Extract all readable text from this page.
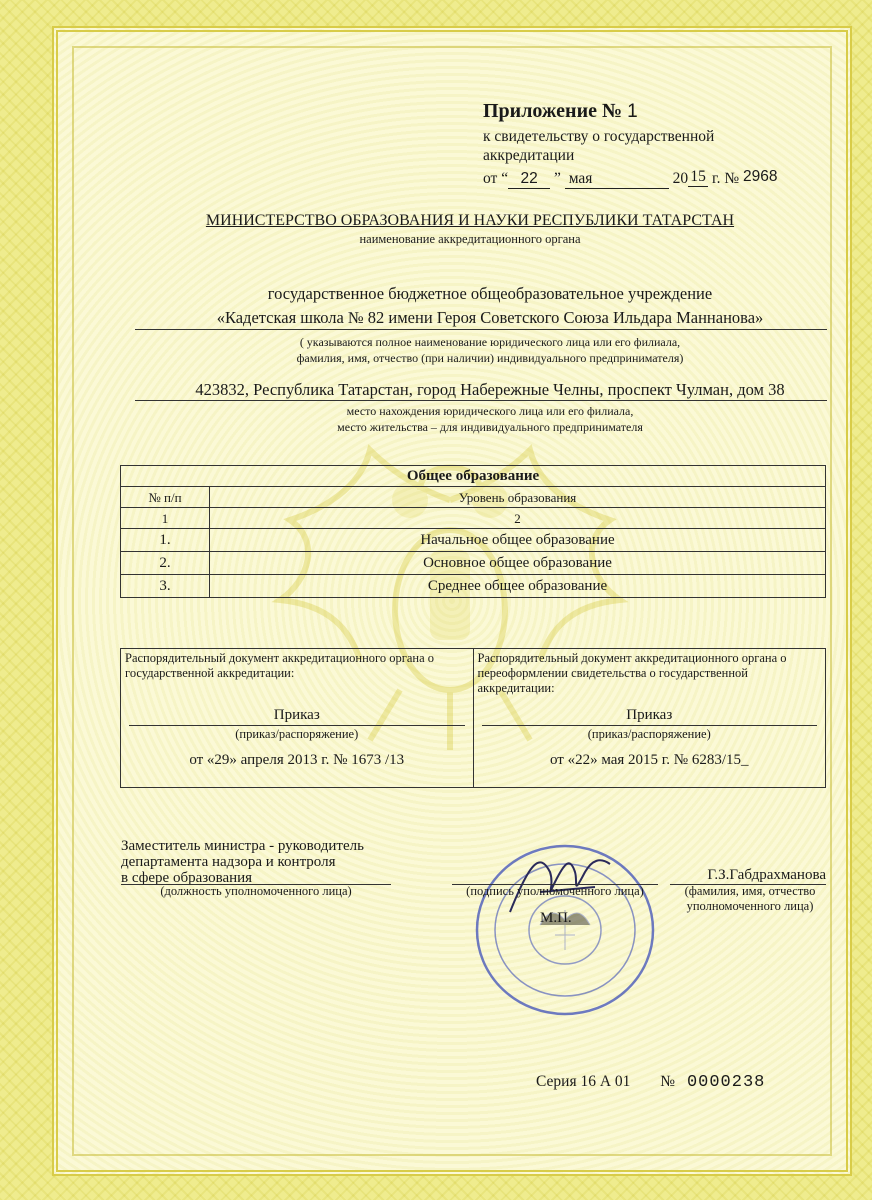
Приложение № 1
к свидетельству о государственной аккредитации
от “ 22 ” мая	20 15 г. № 2968
МИНИСТЕРСТВО ОБРАЗОВАНИЯ И НАУКИ РЕСПУБЛИКИ ТАТАРСТАН
наименование аккредитационного органа
государственное бюджетное общеобразовательное учреждение
«Кадетская школа № 82 имени Героя Советского Союза Ильдара Маннанова»
( указываются полное наименование юридического лица или его филиала,
фамилия, имя, отчество (при наличии) индивидуального предпринимателя)
423832, Республика Татарстан, город Набережные Челны, проспект Чулман, дом 38
место нахождения юридического лица или его филиала,
место жительства – для индивидуального предпринимателя
Общее образование	
№ п/п	Уровень образования
1	2
1.	Начальное общее образование
2.	Основное общее образование
3.	Среднее общее образование
Распорядительный документ аккредитационного органа о государственной аккредитации:
Приказ
(приказ/распоряжение)
от «29» апреля 2013 г. № 1673 /13

Распорядительный документ аккредитационного органа о переоформлении свидетельства о государственной аккредитации:
Приказ
(приказ/распоряжение)
от «22» мая 2015 г. № 6283/15_
Заместитель министра - руководитель
департамента надзора и контроля
в сфере образования
(должность уполномоченного лица)	(подпись уполномоченного лица)
Г.З.Габдрахманова
(фамилия, имя, отчество
уполномоченного лица)
М.П.
Серия 16 А 01 № 0000238
